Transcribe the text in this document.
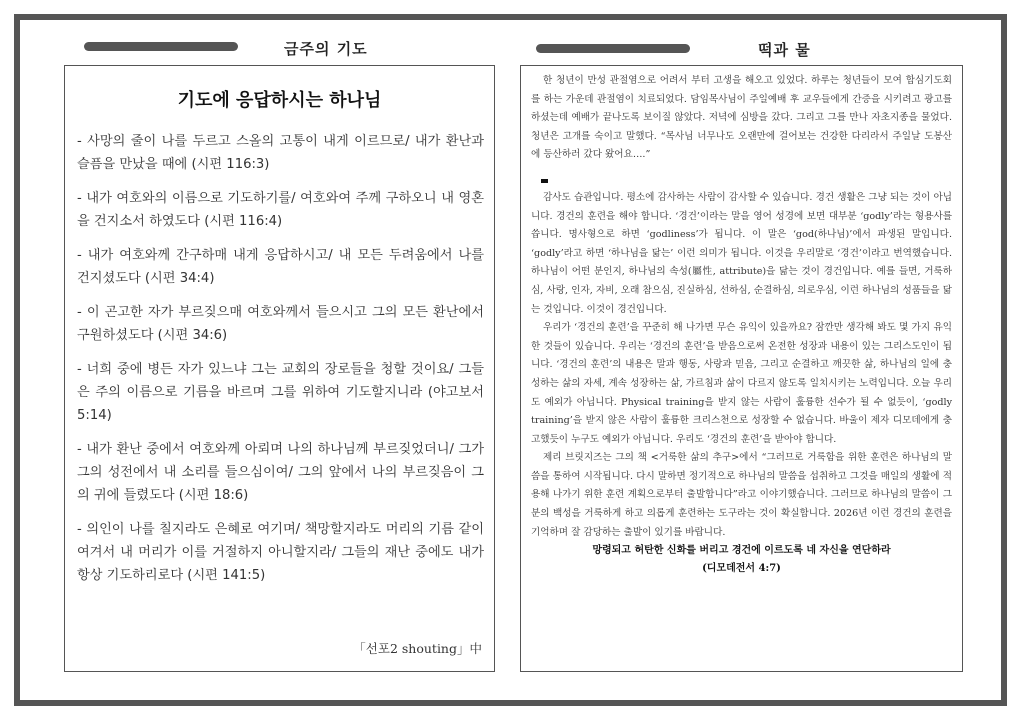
금주의 기도	떡과 물
기도에 응답하시는 하나님

- 사망의 줄이 나를 두르고 스올의 고통이 내게 이르므로/ 내가 환난과 슬픔을 만났을 때에 (시편 116:3)

- 내가 여호와의 이름으로 기도하기를/ 여호와여 주께 구하오니 내 영혼을 건지소서 하였도다 (시편 116:4)

- 내가 여호와께 간구하매 내게 응답하시고/ 내 모든 두려움에서 나를 건지셨도다 (시편 34:4)

- 이 곤고한 자가 부르짖으매 여호와께서 들으시고 그의 모든 환난에서 구원하셨도다 (시편 34:6)

- 너희 중에 병든 자가 있느냐 그는 교회의 장로들을 청할 것이요/ 그들은 주의 이름으로 기름을 바르며 그를 위하여 기도할지니라 (야고보서 5:14)

- 내가 환난 중에서 여호와께 아뢰며 나의 하나님께 부르짖었더니/ 그가 그의 성전에서 내 소리를 들으심이여/ 그의 앞에서 나의 부르짖음이 그의 귀에 들렸도다 (시편 18:6)

- 의인이 나를 칠지라도 은혜로 여기며/ 책망할지라도 머리의 기름 같이 여겨서 내 머리가 이를 거절하지 아니할지라/ 그들의 재난 중에도 내가 항상 기도하리로다 (시편 141:5)

「선포2 shouting」中

한 청년이 만성 관절염으로 어려서 부터 고생을 해오고 있었다. 하루는 청년들이 모여 합심기도회를 하는 가운데 관절염이 치료되었다. 담임목사님이 주일예배 후 교우들에게 간증을 시키려고 광고를 하셨는데 예배가 끝나도록 보이질 않았다. 저녁에 심방을 갔다. 그리고 그를 만나 자초지종을 물었다. 청년은 고개를 숙이고 말했다. “목사님 너무나도 오랜만에 걸어보는 건강한 다리라서 주일날 도봉산에 등산하러 갔다 왔어요….”

감사도 습관입니다. 평소에 감사하는 사람이 감사할 수 있습니다. 경건 생활은 그냥 되는 것이 아닙니다. 경건의 훈련을 해야 합니다. ‘경건’이라는 말을 영어 성경에 보면 대부분 ‘godly’라는 형용사를 씁니다. 명사형으로 하면 ‘godliness’가 됩니다. 이 말은 ‘god(하나님)’에서 파생된 말입니다. ‘godly’라고 하면 ‘하나님을 닮는’ 이런 의미가 됩니다. 이것을 우리말로 ‘경건’이라고 번역했습니다. 하나님이 어떤 분인지, 하나님의 속성(屬性, attribute)을 닮는 것이 경건입니다. 예를 들면, 거룩하심, 사랑, 인자, 자비, 오래 참으심, 진실하심, 선하심, 순결하심, 의로우심, 이런 하나님의 성품들을 닮는 것입니다. 이것이 경건입니다.

우리가 ‘경건의 훈련’을 꾸준히 해 나가면 무슨 유익이 있을까요? 잠깐만 생각해 봐도 몇 가지 유익한 것들이 있습니다. 우리는 ‘경건의 훈련’을 받음으로써 온전한 성장과 내용이 있는 그리스도인이 됩니다. ‘경건의 훈련’의 내용은 말과 행동, 사랑과 믿음, 그리고 순결하고 깨끗한 삶, 하나님의 일에 충성하는 삶의 자세, 계속 성장하는 삶, 가르침과 삶이 다르지 않도록 일치시키는 노력입니다. 오늘 우리도 예외가 아닙니다. Physical training을 받지 않는 사람이 훌륭한 선수가 될 수 없듯이, ‘godly training’을 받지 않은 사람이 훌륭한 크리스천으로 성장할 수 없습니다. 바울이 제자 디모데에게 충고했듯이 누구도 예외가 아닙니다. 우리도 ‘경건의 훈련’을 받아야 합니다.

제리 브릿지즈는 그의 책 <거룩한 삶의 추구>에서 “그러므로 거룩함을 위한 훈련은 하나님의 말씀을 통하여 시작됩니다. 다시 말하면 정기적으로 하나님의 말씀을 섭취하고 그것을 매일의 생활에 적용해 나가기 위한 훈련 계획으로부터 출발합니다”라고 이야기했습니다. 그러므로 하나님의 말씀이 그분의 백성을 거룩하게 하고 의롭게 훈련하는 도구라는 것이 확실합니다. 2026년 이런 경건의 훈련을 기억하며 잘 감당하는 출발이 있기를 바랍니다.

망령되고 허탄한 신화를 버리고 경건에 이르도록 네 자신을 연단하라

(디모데전서 4:7)
